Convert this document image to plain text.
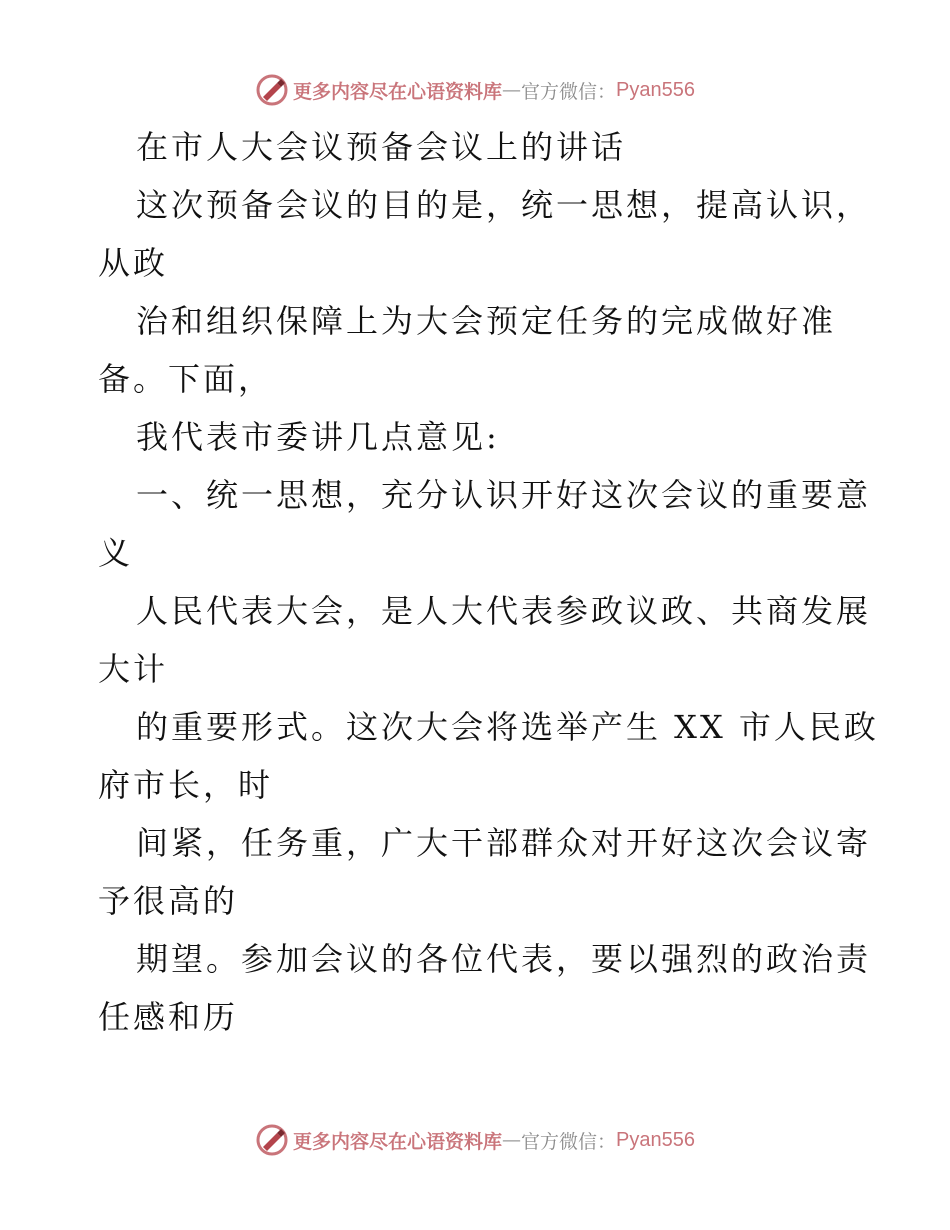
更多内容尽在心语资料库 — 官方微信： Pyan556
在市人大会议预备会议上的讲话
这次预备会议的目的是，统一思想，提高认识，
从政
治和组织保障上为大会预定任务的完成做好准
备。下面，
我代表市委讲几点意见:
一、统一思想，充分认识开好这次会议的重要意
义
人民代表大会，是人大代表参政议政、共商发展
大计
的重要形式。这次大会将选举产生 XX 市人民政
府市长，时
间紧，任务重，广大干部群众对开好这次会议寄
予很高的
期望。参加会议的各位代表，要以强烈的政治责
任感和历
更多内容尽在心语资料库 — 官方微信： Pyan556
